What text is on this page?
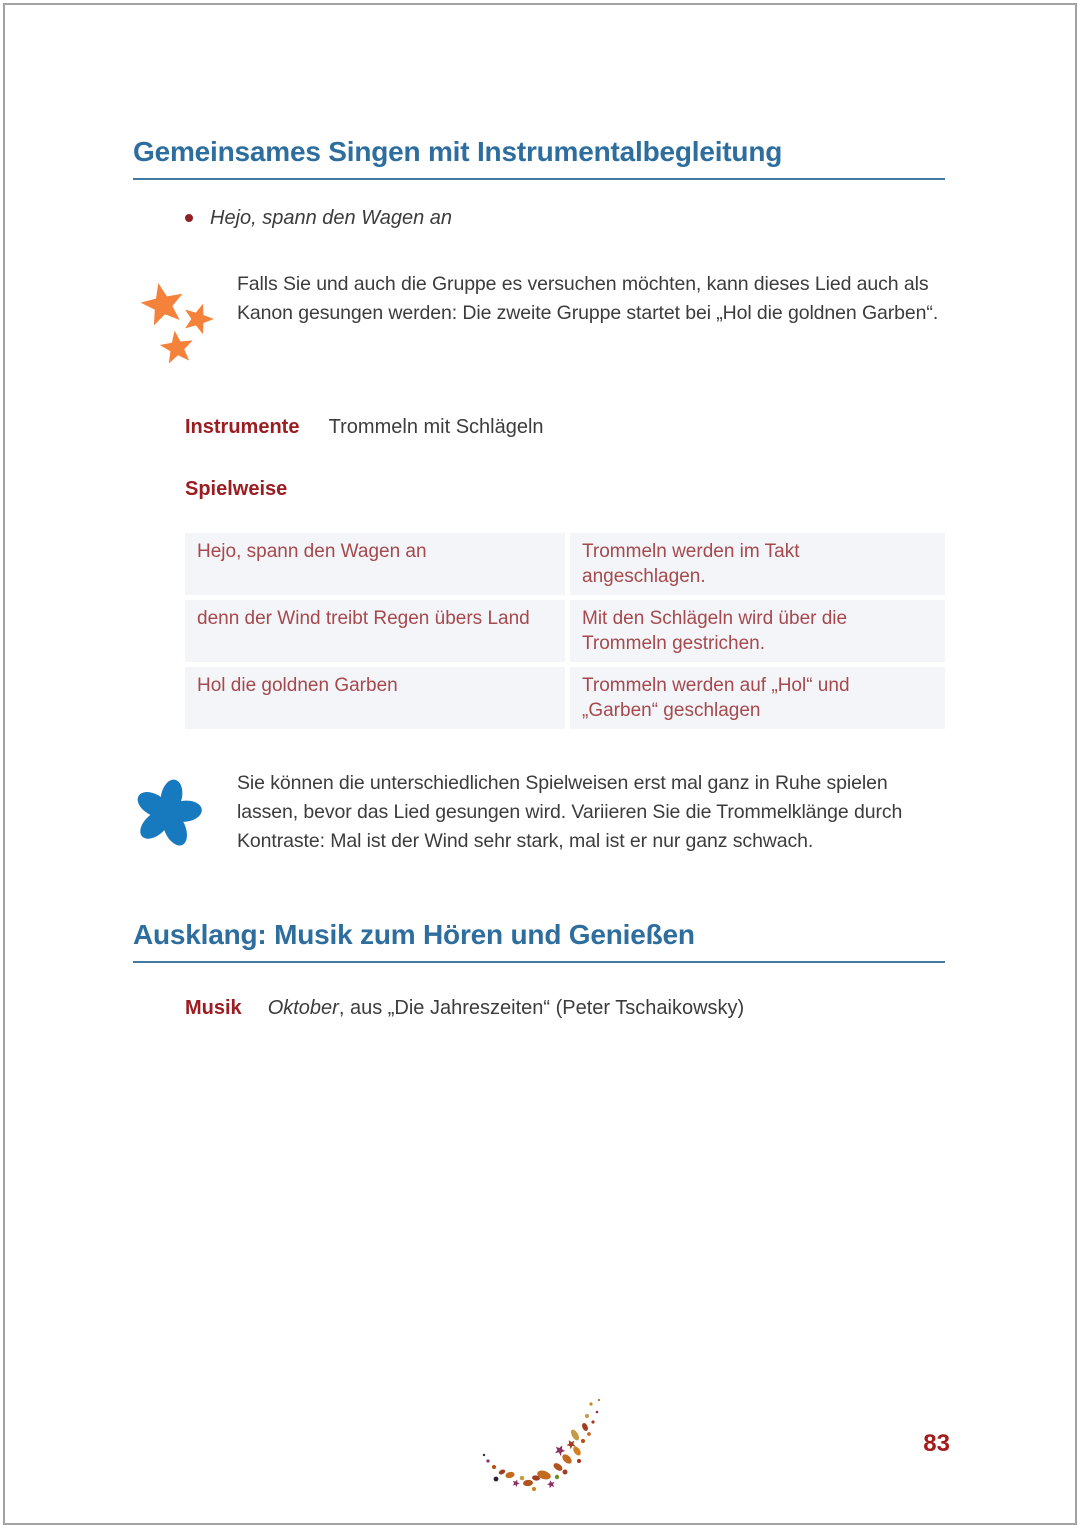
Gemeinsames Singen mit Instrumentalbegleitung
Hejo, spann den Wagen an

Falls Sie und auch die Gruppe es versuchen möchten, kann dieses Lied auch als Kanon gesungen werden: Die zweite Gruppe startet bei „Hol die goldnen Garben“.

Instrumente Trommeln mit Schlägeln
Spielweise
Hejo, spann den Wagen an	Trommeln werden im Takt angeschlagen.
denn der Wind treibt Regen übers Land	Mit den Schlägeln wird über die Trommeln gestrichen.
Hol die goldnen Garben	Trommeln werden auf „Hol“ und „Garben“ geschlagen

Sie können die unterschiedlichen Spielweisen erst mal ganz in Ruhe spielen lassen, bevor das Lied gesungen wird. Variieren Sie die Trommelklänge durch Kontraste: Mal ist der Wind sehr stark, mal ist er nur ganz schwach.

Ausklang: Musik zum Hören und Genießen
Musik Oktober, aus „Die Jahreszeiten“ (Peter Tschaikowsky)
83
